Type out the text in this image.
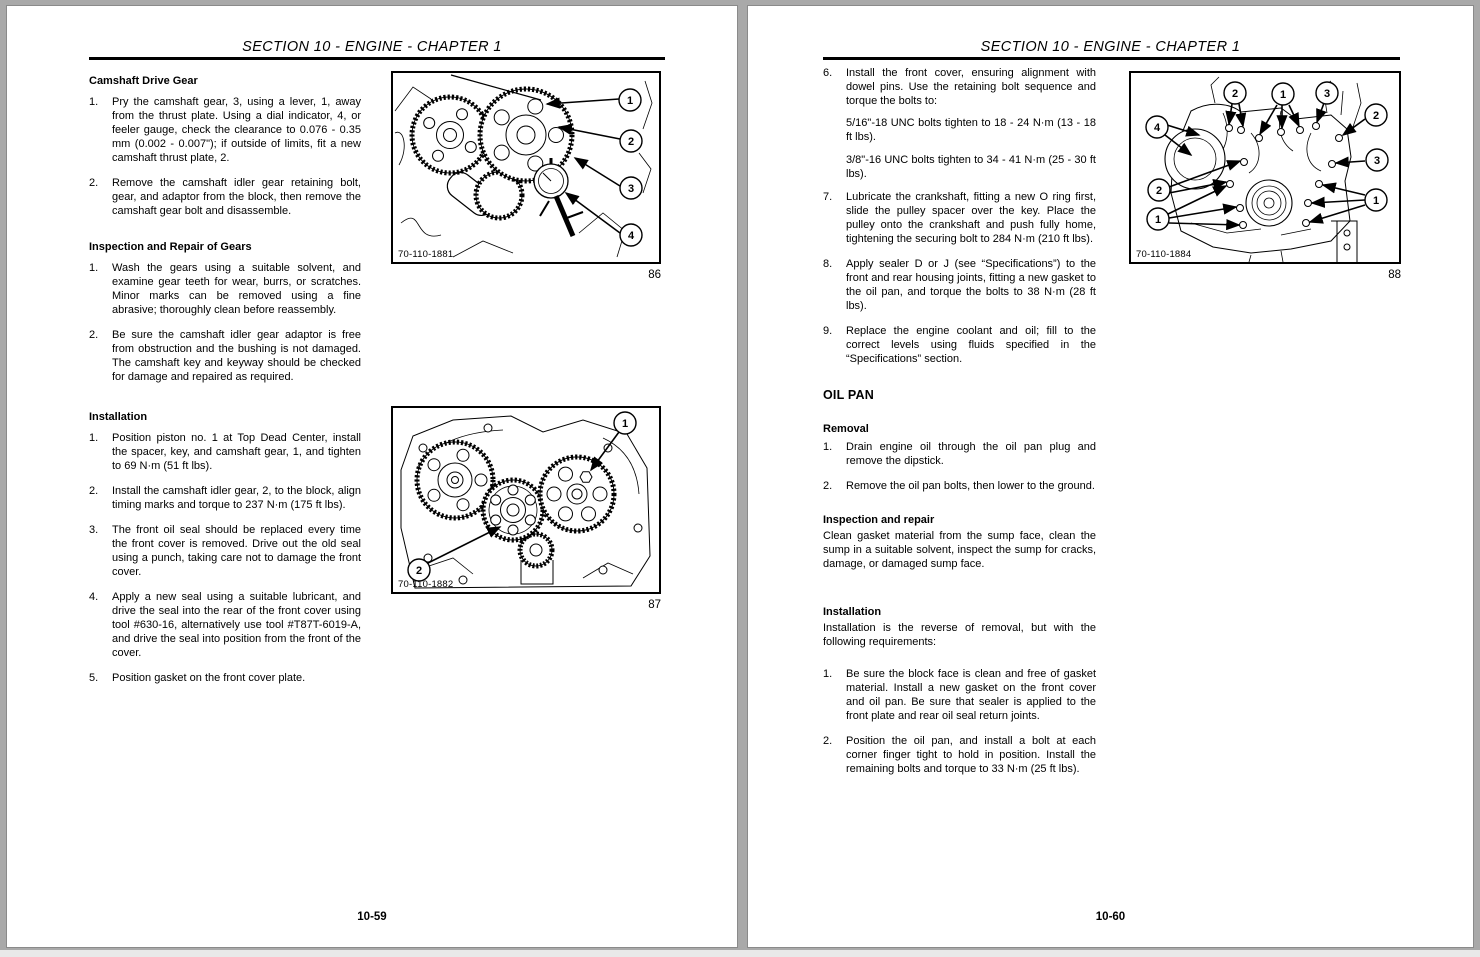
SECTION 10 - ENGINE - CHAPTER 1
Camshaft Drive Gear
1.	Pry the camshaft gear, 3, using a lever, 1, away from the thrust plate. Using a dial indicator, 4, or feeler gauge, check the clearance to 0.076 - 0.35 mm (0.002 - 0.007"); if outside of limits, fit a new camshaft thrust plate, 2.
2.	Remove the camshaft idler gear retaining bolt, gear, and adaptor from the block, then remove the camshaft gear bolt and disassemble.
Inspection and Repair of Gears
1.	Wash the gears using a suitable solvent, and examine gear teeth for wear, burrs, or scratches. Minor marks can be removed using a fine abrasive; thoroughly clean before reassembly.
2.	Be sure the camshaft idler gear adaptor is free from obstruction and the bushing is not damaged. The camshaft key and keyway should be checked for damage and repaired as required.
Installation
1.	Position piston no. 1 at Top Dead Center, install the spacer, key, and camshaft gear, 1, and tighten to 69 N·m (51 ft lbs).
2.	Install the camshaft idler gear, 2, to the block, align timing marks and torque to 237 N·m (175 ft lbs).
3.	The front oil seal should be replaced every time the front cover is removed. Drive out the old seal using a punch, taking care not to damage the front cover.
4.	Apply a new seal using a suitable lubricant, and drive the seal into the rear of the front cover using tool #630-16, alternatively use tool #T87T-6019-A, and drive the seal into position from the front of the cover.
5.	Position gasket on the front cover plate.
1
2
3
4
70-110-1881
86
1
2
70-110-1882
87
10-59
SECTION 10 - ENGINE - CHAPTER 1
6.	Install the front cover, ensuring alignment with dowel pins. Use the retaining bolt sequence and torque the bolts to:
5/16"-18 UNC bolts tighten to 18 - 24 N·m (13 - 18 ft lbs).
3/8"-16 UNC bolts tighten to 34 - 41 N·m (25 - 30 ft lbs).
7.	Lubricate the crankshaft, fitting a new O ring first, slide the pulley spacer over the key. Place the pulley onto the crankshaft and push fully home, tightening the securing bolt to 284 N·m (210 ft lbs).
8.	Apply sealer D or J (see “Specifications”) to the front and rear housing joints, fitting a new gasket to the oil pan, and torque the bolts to 38 N·m (28 ft lbs).
9.	Replace the engine coolant and oil; fill to the correct levels using fluids specified in the “Specifications” section.
OIL PAN
Removal
1.	Drain engine oil through the oil pan plug and remove the dipstick.
2.	Remove the oil pan bolts, then lower to the ground.
Inspection and repair
Clean gasket material from the sump face, clean the sump in a suitable solvent, inspect the sump for cracks, damage, or damaged sump face.
Installation
Installation is the reverse of removal, but with the following requirements:
1.	Be sure the block face is clean and free of gasket material. Install a new gasket on the front cover and oil pan. Be sure that sealer is applied to the front plate and rear oil seal return joints.
2.	Position the oil pan, and install a bolt at each corner finger tight to hold in position. Install the remaining bolts and torque to 33 N·m (25 ft lbs).
2	1	3
2
4
3
2
1
1
70-110-1884
88
10-60
